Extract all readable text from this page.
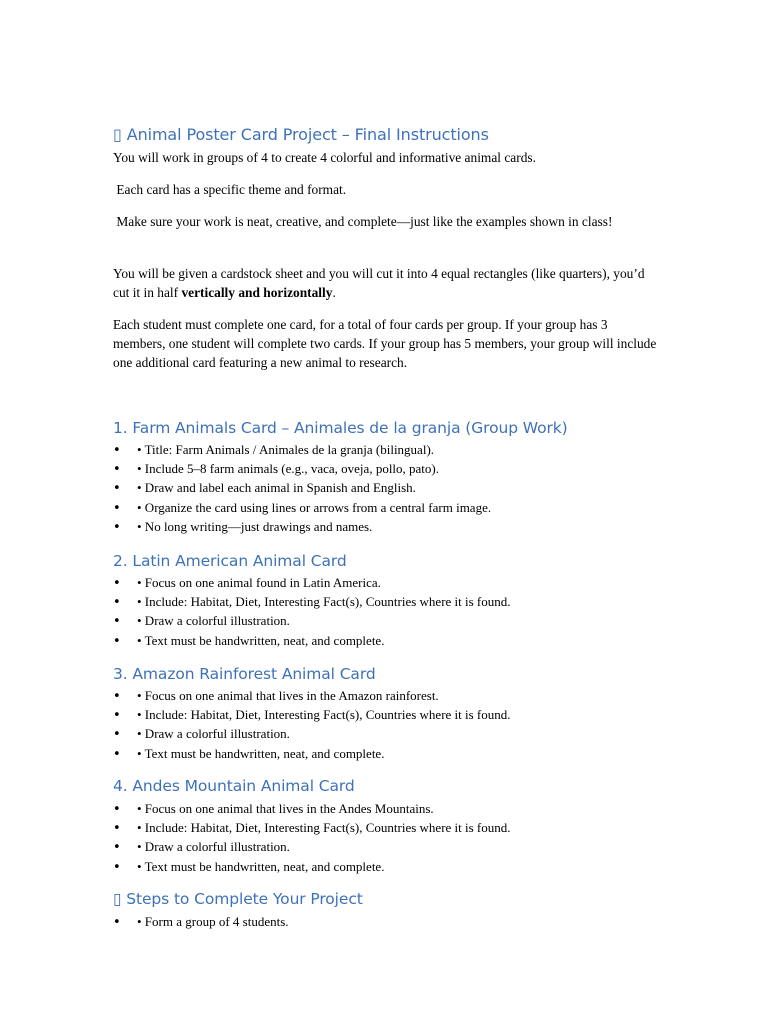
▯ Animal Poster Card Project – Final Instructions

You will work in groups of 4 to create 4 colorful and informative animal cards.

Each card has a specific theme and format.

Make sure your work is neat, creative, and complete—just like the examples shown in class!

You will be given a cardstock sheet and you will cut it into 4 equal rectangles (like quarters), you’d cut it in half vertically and horizontally.

Each student must complete one card, for a total of four cards per group. If your group has 3 members, one student will complete two cards. If your group has 5 members, your group will include one additional card featuring a new animal to research.

1. Farm Animals Card – Animales de la granja (Group Work)
•	• Title: Farm Animals / Animales de la granja (bilingual).
•	• Include 5–8 farm animals (e.g., vaca, oveja, pollo, pato).
•	• Draw and label each animal in Spanish and English.
•	• Organize the card using lines or arrows from a central farm image.
•	• No long writing—just drawings and names.
2. Latin American Animal Card
•	• Focus on one animal found in Latin America.
•	• Include: Habitat, Diet, Interesting Fact(s), Countries where it is found.
•	• Draw a colorful illustration.
•	• Text must be handwritten, neat, and complete.
3. Amazon Rainforest Animal Card
•	• Focus on one animal that lives in the Amazon rainforest.
•	• Include: Habitat, Diet, Interesting Fact(s), Countries where it is found.
•	• Draw a colorful illustration.
•	• Text must be handwritten, neat, and complete.
4. Andes Mountain Animal Card
•	• Focus on one animal that lives in the Andes Mountains.
•	• Include: Habitat, Diet, Interesting Fact(s), Countries where it is found.
•	• Draw a colorful illustration.
•	• Text must be handwritten, neat, and complete.
▯ Steps to Complete Your Project
•	• Form a group of 4 students.
